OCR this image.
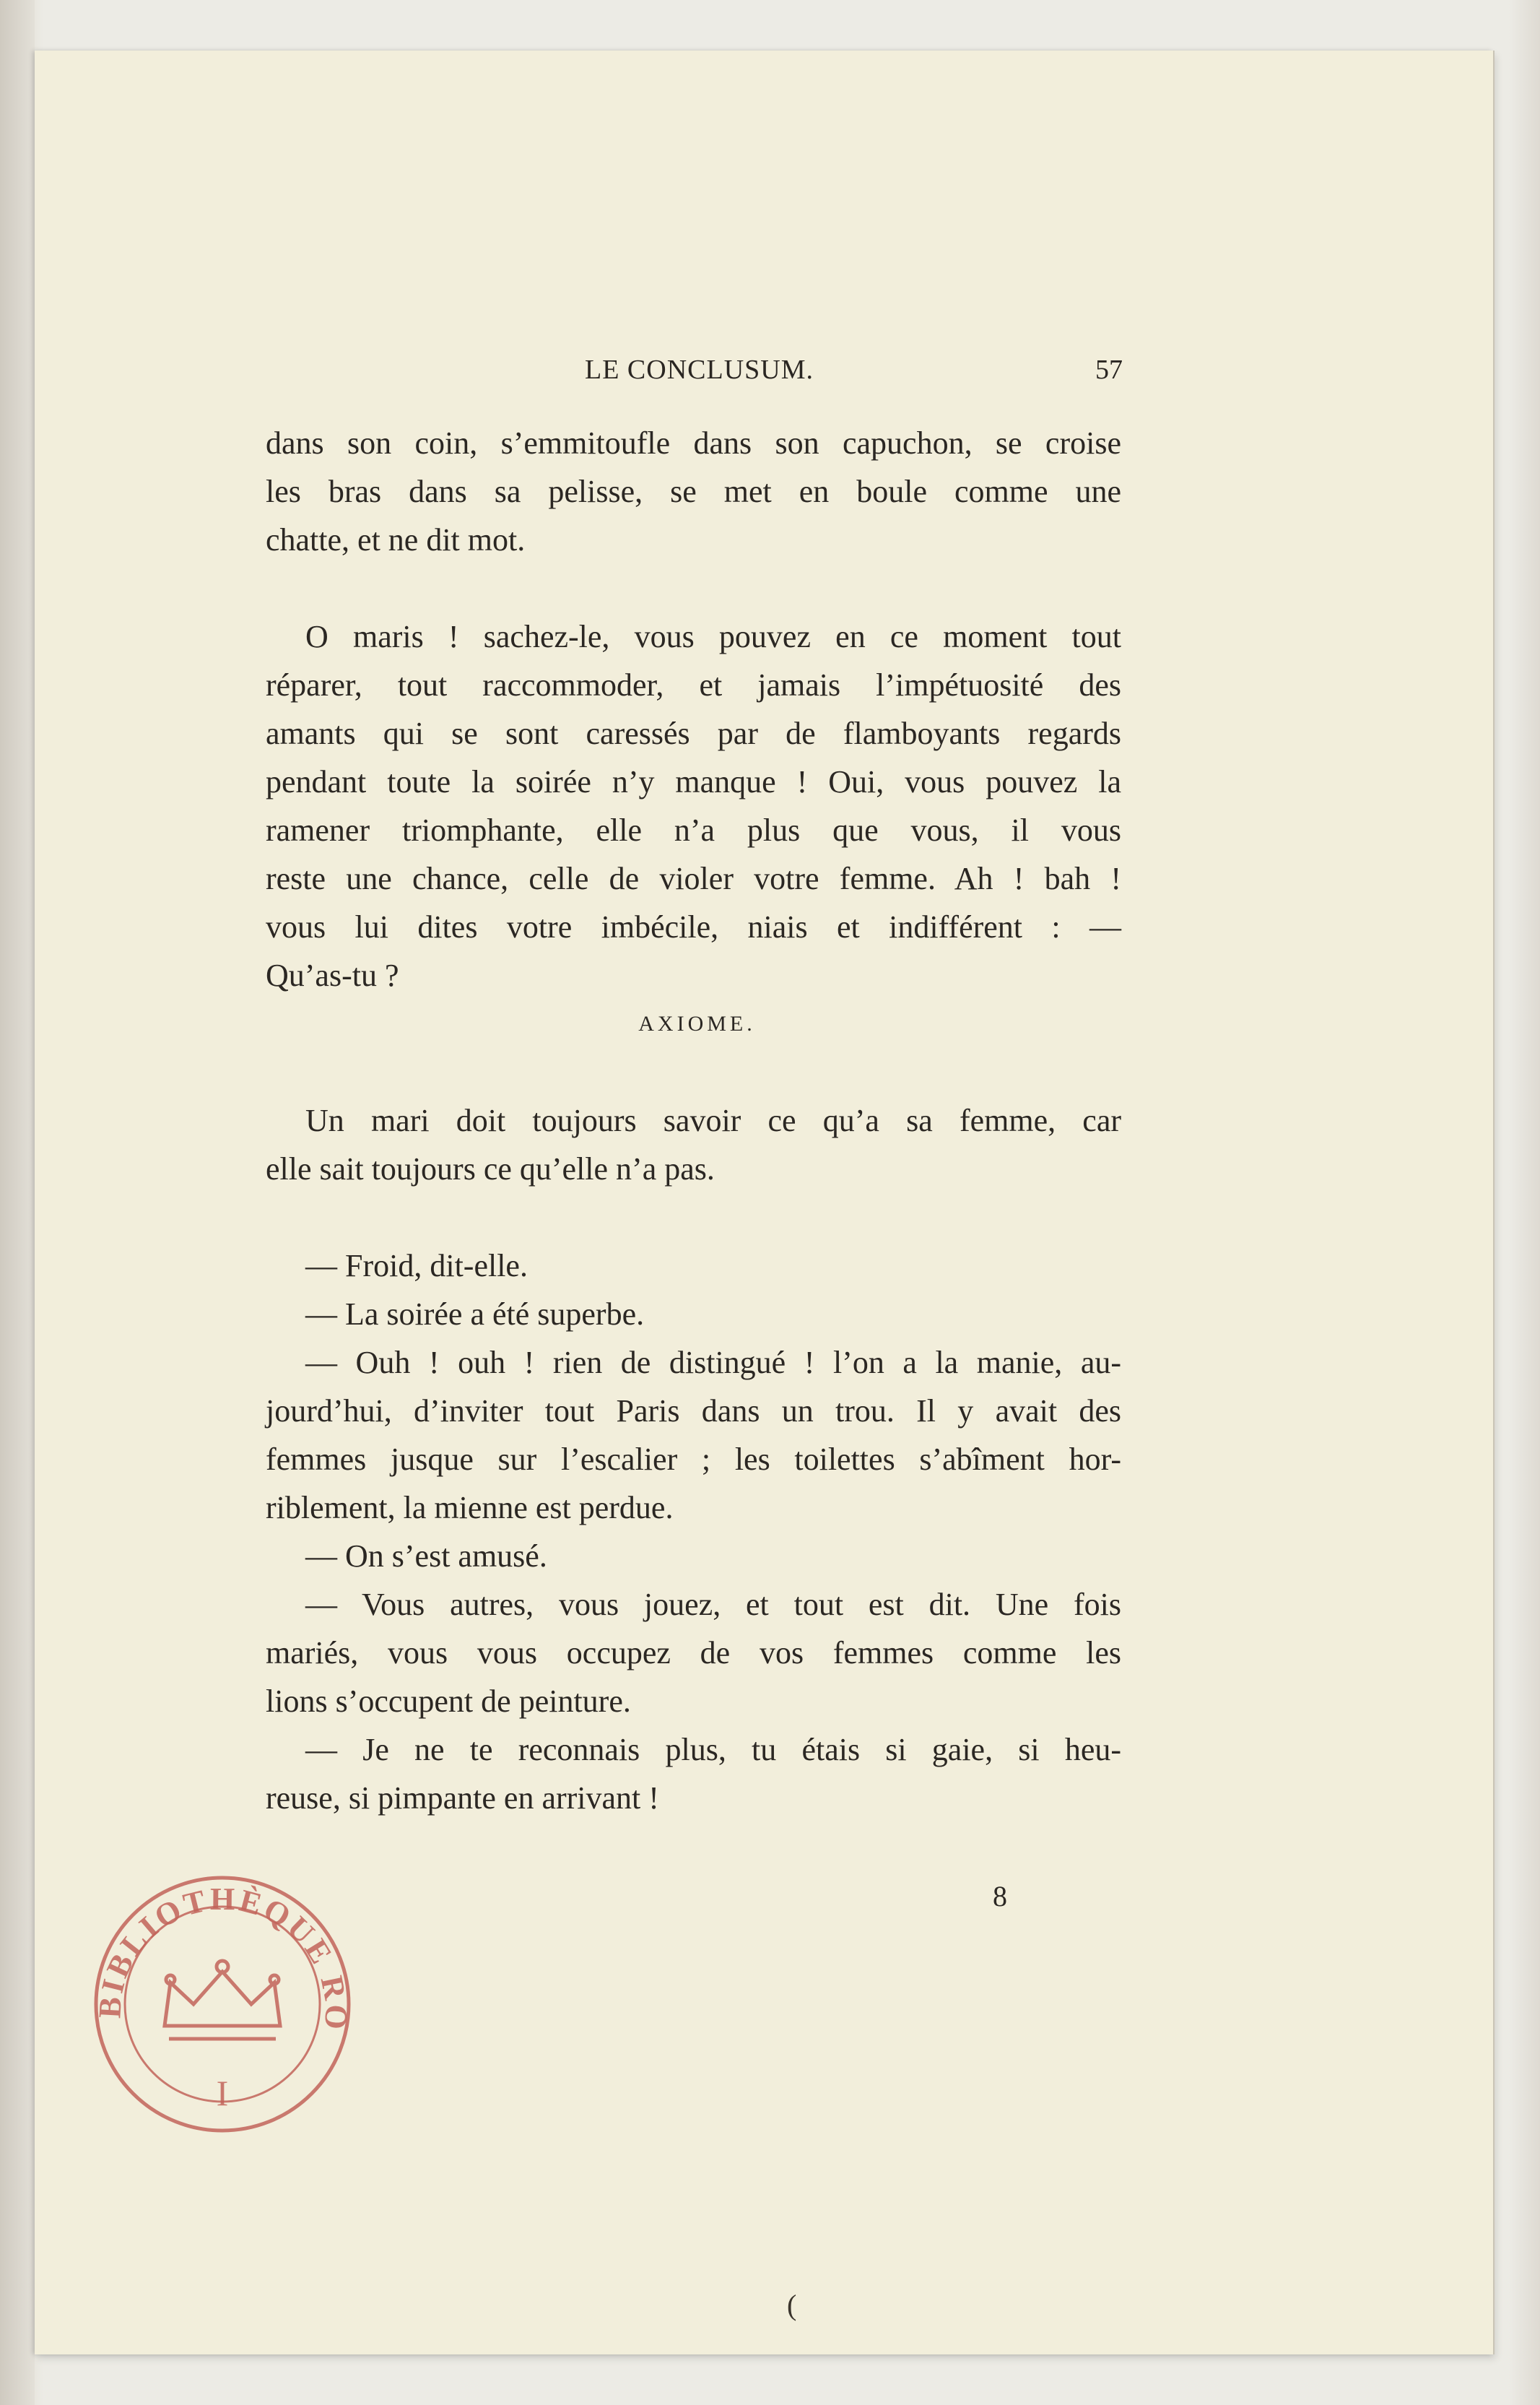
LE CONCLUSUM.	57
dans son coin, s’emmitoufle dans son capuchon, se croise
les bras dans sa pelisse, se met en boule comme une
chatte, et ne dit mot.
O maris ! sachez-le, vous pouvez en ce moment tout
réparer, tout raccommoder, et jamais l’impétuosité des
amants qui se sont caressés par de flamboyants regards
pendant toute la soirée n’y manque ! Oui, vous pouvez la
ramener triomphante, elle n’a plus que vous, il vous
reste une chance, celle de violer votre femme. Ah ! bah !
vous lui dites votre imbécile, niais et indifférent : —
Qu’as-tu ?
AXIOME.
Un mari doit toujours savoir ce qu’a sa femme, car
elle sait toujours ce qu’elle n’a pas.
— Froid, dit-elle.
— La soirée a été superbe.
— Ouh ! ouh ! rien de distingué ! l’on a la manie, au-
jourd’hui, d’inviter tout Paris dans un trou. Il y avait des
femmes jusque sur l’escalier ; les toilettes s’abîment hor-
riblement, la mienne est perdue.
— On s’est amusé.
— Vous autres, vous jouez, et tout est dit. Une fois
mariés, vous vous occupez de vos femmes comme les
lions s’occupent de peinture.
— Je ne te reconnais plus, tu étais si gaie, si heu-
reuse, si pimpante en arrivant !
8
BIBLIOTHÈQUE RO
I
(
